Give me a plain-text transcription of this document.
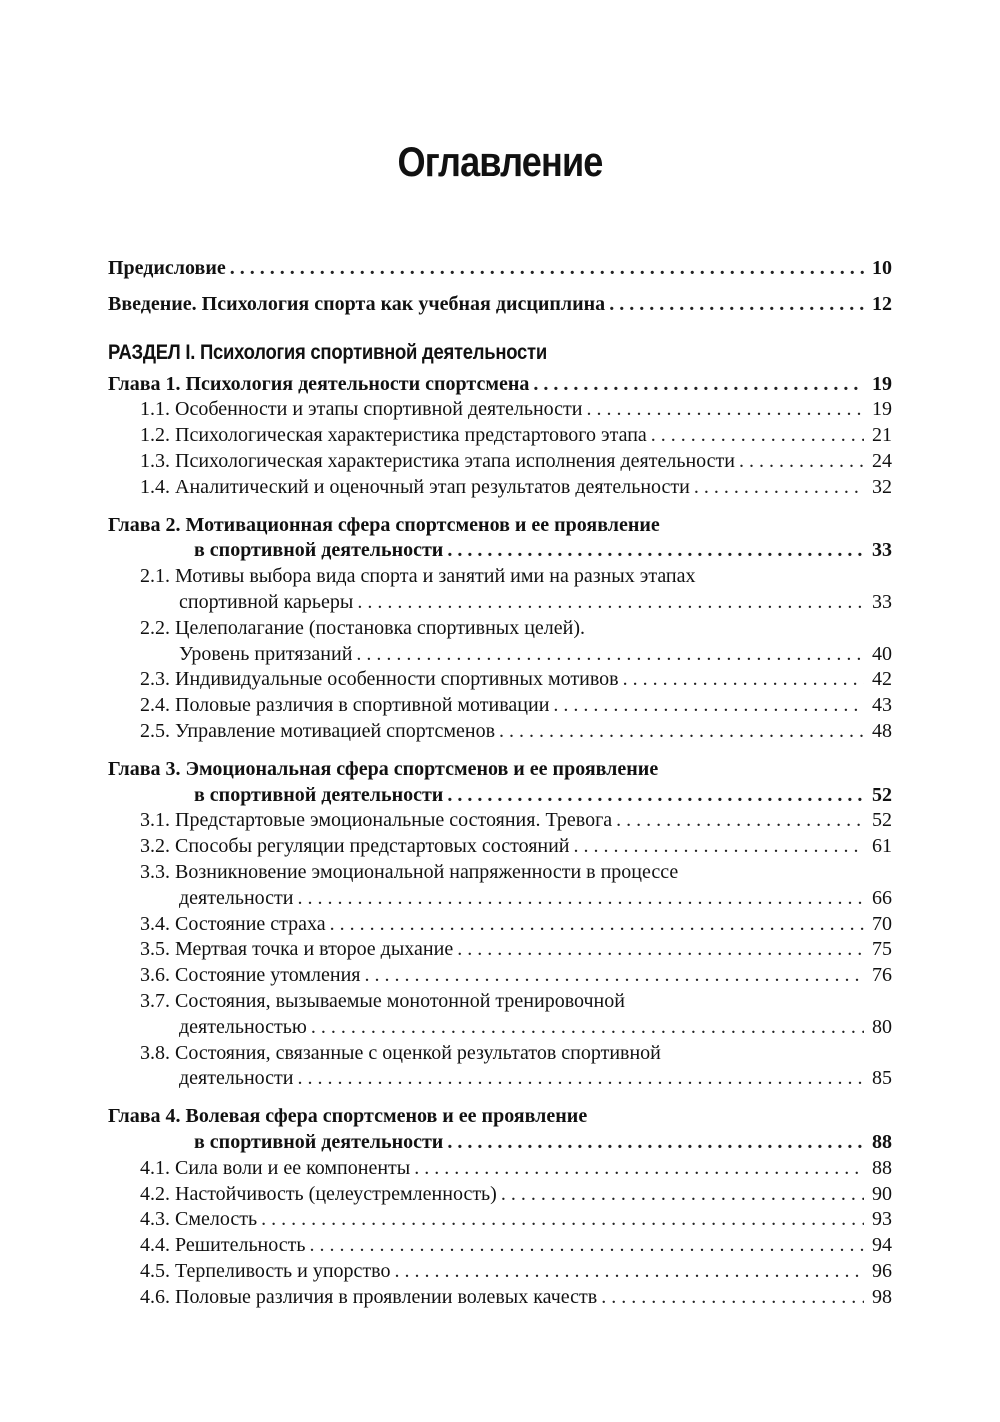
Оглавление
Предисловие . . .	10
Введение. Психология спорта как учебная дисциплина . . .	12
РАЗДЕЛ I. Психология спортивной деятельности
Глава 1. Психология деятельности спортсмена . . .	19
1.1. Особенности и этапы спортивной деятельности . . .	19
1.2. Психологическая характеристика предстартового этапа . . .	21
1.3. Психологическая характеристика этапа исполнения деятельности . . .	24
1.4. Аналитический и оценочный этап результатов деятельности . . .	32
Глава 2. Мотивационная сфера спортсменов и ее проявление
в спортивной деятельности . . .	33
2.1. Мотивы выбора вида спорта и занятий ими на разных этапах
спортивной карьеры . . .	33
2.2. Целеполагание (постановка спортивных целей).
Уровень притязаний . . .	40
2.3. Индивидуальные особенности спортивных мотивов . . .	42
2.4. Половые различия в спортивной мотивации . . .	43
2.5. Управление мотивацией спортсменов . . .	48
Глава 3. Эмоциональная сфера спортсменов и ее проявление
в спортивной деятельности . . .	52
3.1. Предстартовые эмоциональные состояния. Тревога . . .	52
3.2. Способы регуляции предстартовых состояний . . .	61
3.3. Возникновение эмоциональной напряженности в процессе
деятельности . . .	66
3.4. Состояние страха . . .	70
3.5. Мертвая точка и второе дыхание . . .	75
3.6. Состояние утомления . . .	76
3.7. Состояния, вызываемые монотонной тренировочной
деятельностью . . .	80
3.8. Состояния, связанные с оценкой результатов спортивной
деятельности . . .	85
Глава 4. Волевая сфера спортсменов и ее проявление
в спортивной деятельности . . .	88
4.1. Сила воли и ее компоненты . . .	88
4.2. Настойчивость (целеустремленность) . . .	90
4.3. Смелость . . .	93
4.4. Решительность . . .	94
4.5. Терпеливость и упорство . . .	96
4.6. Половые различия в проявлении волевых качеств . . .	98
